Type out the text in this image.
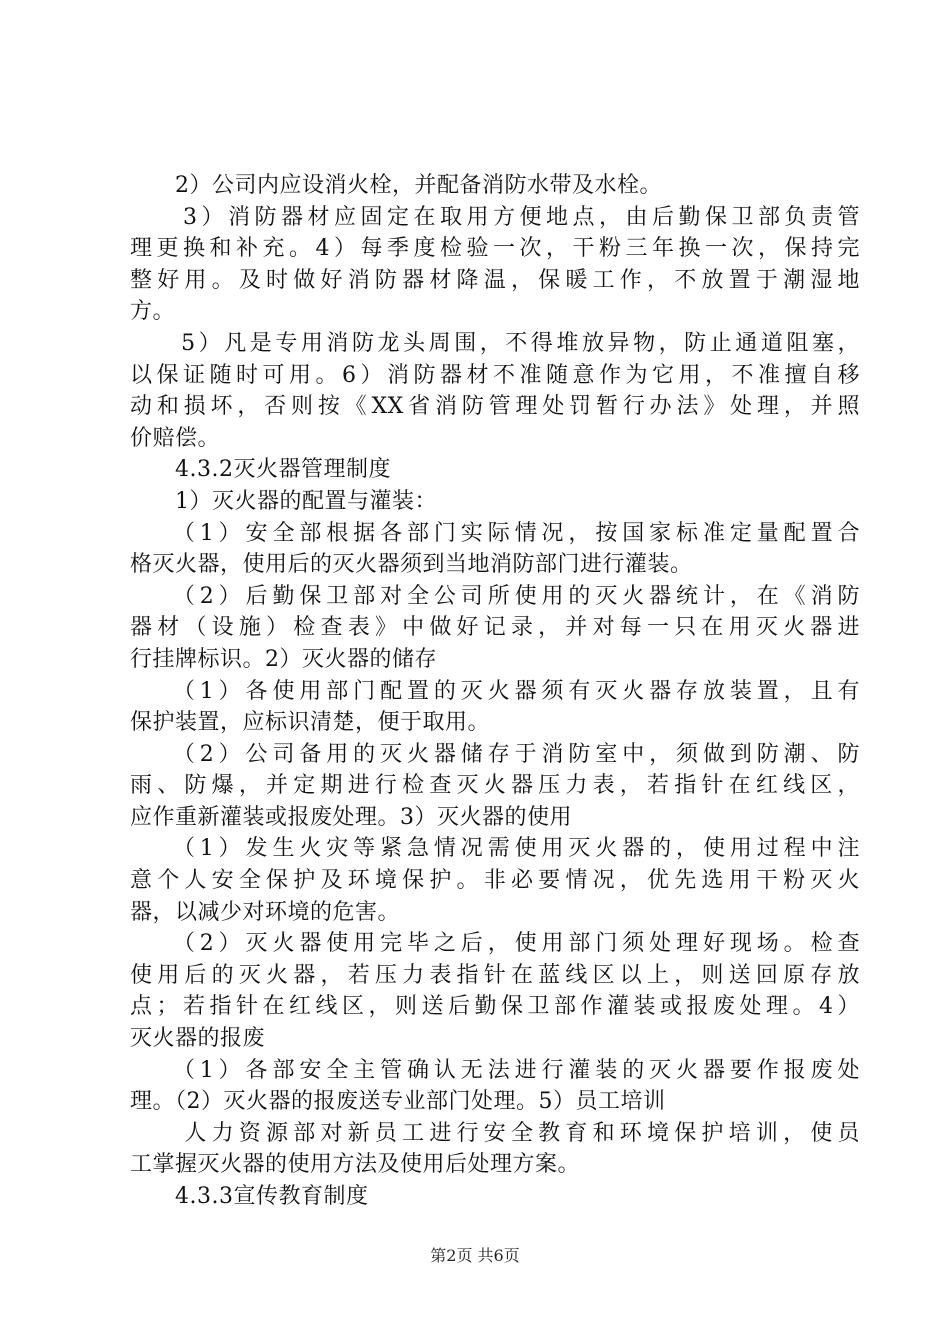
　　2）公司内应设消火栓，并配备消防水带及水栓。
　　3）消防器材应固定在取用方便地点，由后勤保卫部负责管
理更换和补充。4）每季度检验一次，干粉三年换一次，保持完
整好用。及时做好消防器材降温，保暖工作，不放置于潮湿地
方。
　　5）凡是专用消防龙头周围，不得堆放异物，防止通道阻塞，
以保证随时可用。6）消防器材不准随意作为它用，不准擅自移
动和损坏，否则按《XX省消防管理处罚暂行办法》处理，并照
价赔偿。
　　4.3.2灭火器管理制度
　　1）灭火器的配置与灌装：
　　（1）安全部根据各部门实际情况，按国家标准定量配置合
格灭火器，使用后的灭火器须到当地消防部门进行灌装。
　　（2）后勤保卫部对全公司所使用的灭火器统计，在《消防
器材（设施）检查表》中做好记录，并对每一只在用灭火器进
行挂牌标识。2）灭火器的储存
　　（1）各使用部门配置的灭火器须有灭火器存放装置，且有
保护装置，应标识清楚，便于取用。
　　（2）公司备用的灭火器储存于消防室中，须做到防潮、防
雨、防爆，并定期进行检查灭火器压力表，若指针在红线区，
应作重新灌装或报废处理。3）灭火器的使用
　　（1）发生火灾等紧急情况需使用灭火器的，使用过程中注
意个人安全保护及环境保护。非必要情况，优先选用干粉灭火
器，以减少对环境的危害。
　　（2）灭火器使用完毕之后，使用部门须处理好现场。检查
使用后的灭火器，若压力表指针在蓝线区以上，则送回原存放
点；若指针在红线区，则送后勤保卫部作灌装或报废处理。4）
灭火器的报废
　　（1）各部安全主管确认无法进行灌装的灭火器要作报废处
理。（2）灭火器的报废送专业部门处理。5）员工培训
　　人力资源部对新员工进行安全教育和环境保护培训，使员
工掌握灭火器的使用方法及使用后处理方案。
　　4.3.3宣传教育制度
第2页 共6页
